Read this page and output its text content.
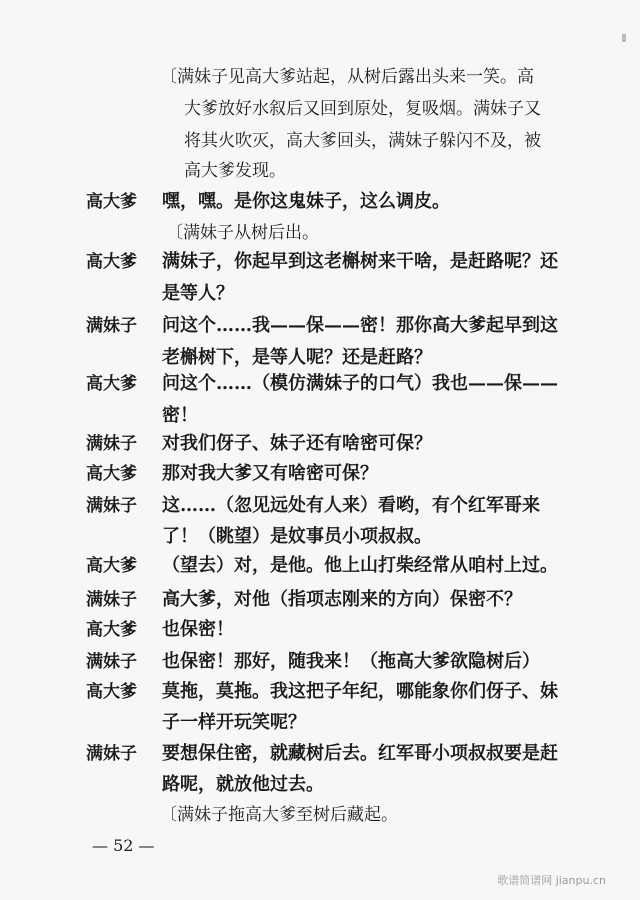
〔满妹子见高大爹站起，从树后露出头来一笑。高
大爹放好水叙后又回到原处，复吸烟。满妹子又
将其火吹灭，高大爹回头，满妹子躲闪不及，被
高大爹发现。
高大爹 嘿，嘿。是你这鬼妹子，这么调皮。
〔满妹子从树后出。
高大爹 满妹子，你起早到这老槲树来干啥，是赶路呢？还
是等人？
满妹子 问这个……我——保——密！那你高大爹起早到这
老槲树下，是等人呢？还是赶路？
高大爹 问这个……（模仿满妹子的口气）我也——保——
密！
满妹子 对我们伢子、妹子还有啥密可保？
高大爹 那对我大爹又有啥密可保？
满妹子 这……（忽见远处有人来）看哟，有个红军哥来
了！（眺望）是妏事员小项叔叔。
高大爹 （望去）对，是他。他上山打柴经常从咱村上过。
满妹子 高大爹，对他（指项志刚来的方向）保密不？
高大爹 也保密！
满妹子 也保密！那好，随我来！（拖高大爹欲隐树后）
高大爹 莫拖，莫拖。我这把子年纪，哪能象你们伢子、妹
子一样开玩笑呢？
满妹子 要想保住密，就藏树后去。红军哥小项叔叔要是赶
路呢，就放他过去。
〔满妹子拖高大爹至树后藏起。
— 52 —
歌谱简谱网 jianpu.cn
